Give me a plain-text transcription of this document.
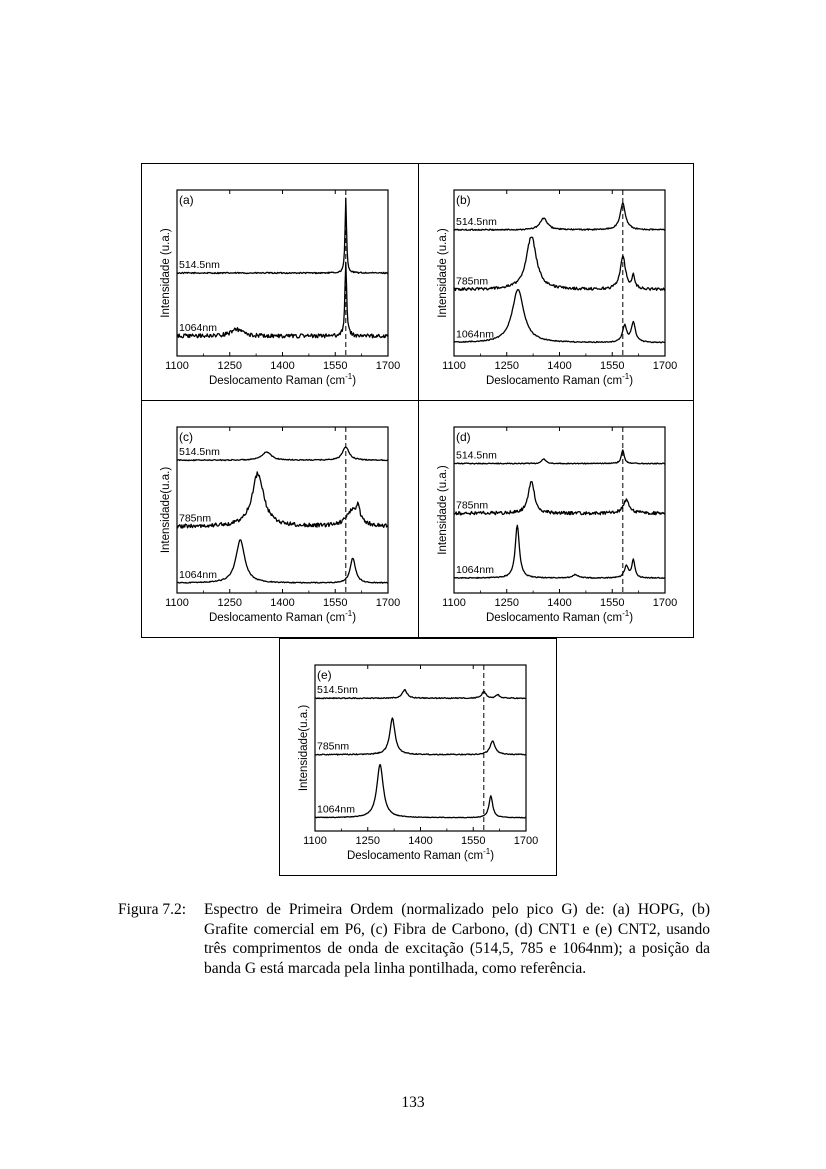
1100	1250	1400	1550	1700
514.5nm
1064nm
(a)
Intensidade (u.a.)
Deslocamento Raman $(cm^{-1})$
1100	1250	1400	1550	1700
514.5nm
785nm
1064nm
(b)
Intensidade (u.a.)
Deslocamento Raman $(cm^{-1})$
1100	1250	1400	1550	1700
514.5nm
785nm
1064nm
(c)
Intensidade(u.a.)
Deslocamento Raman $(cm^{-1})$
1100	1250	1400	1550	1700
514.5nm
785nm
1064nm
(d)
Intensidade (u.a.)
Deslocamento Raman $(cm^{-1})$
1100	1250	1400	1550	1700
514.5nm
785nm
1064nm
(e)
Intensidade(u.a.)
Deslocamento Raman $(cm^{-1})$
Figura 7.2:	Espectro de Primeira Ordem (normalizado pelo pico G) de: (a) HOPG, (b) Grafite comercial em P6, (c) Fibra de Carbono, (d) CNT1 e (e) CNT2, usando três comprimentos de onda de excitação (514,5, 785 e 1064nm); a posição da banda G está marcada pela linha pontilhada, como referência.
133
